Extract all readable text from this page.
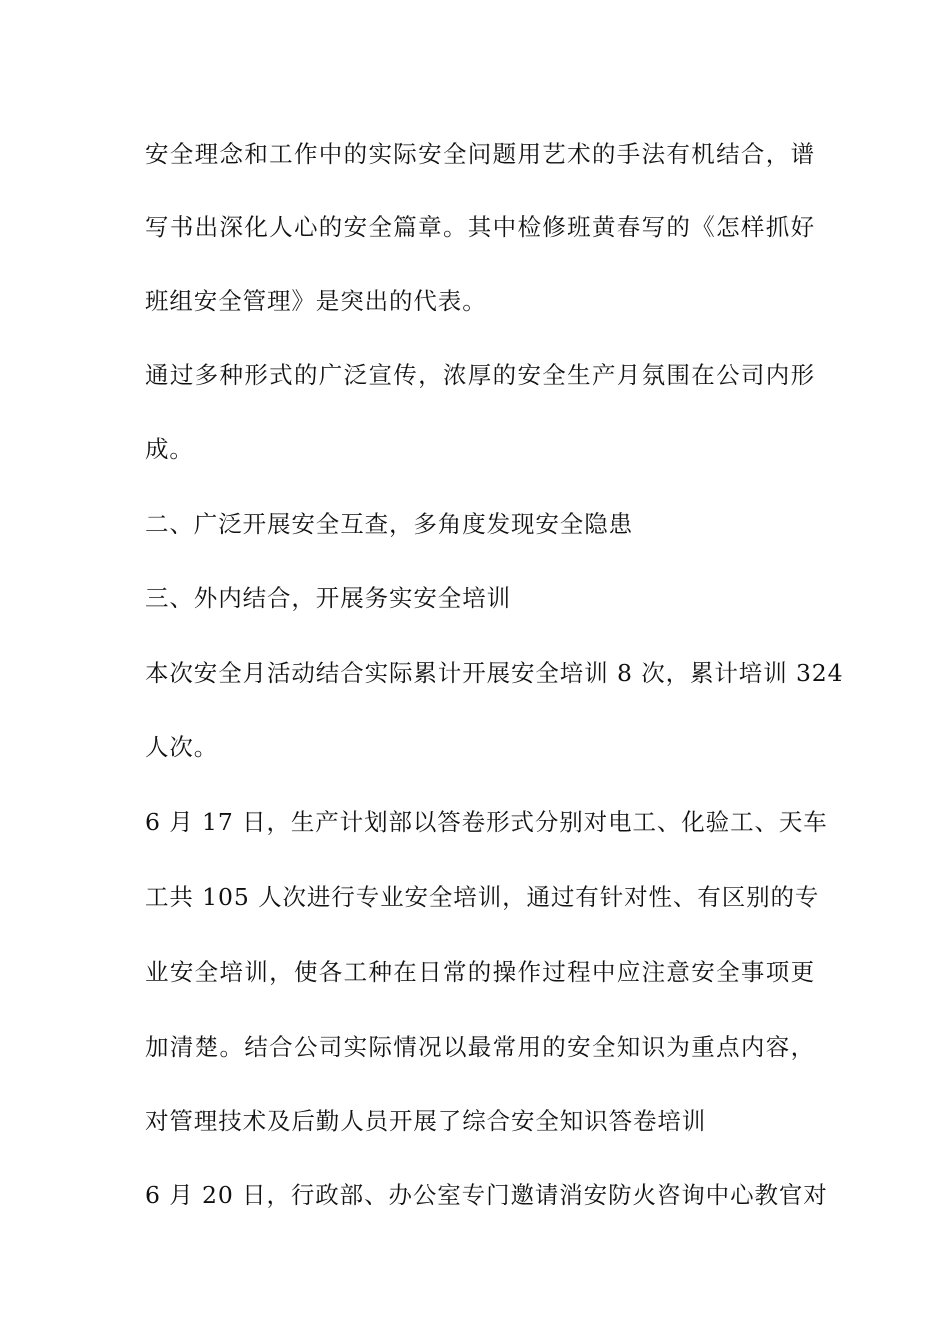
安全理念和工作中的实际安全问题用艺术的手法有机结合，谱

写书出深化人心的安全篇章。其中检修班黄春写的《怎样抓好

班组安全管理》是突出的代表。

通过多种形式的广泛宣传，浓厚的安全生产月氛围在公司内形

成。

二、广泛开展安全互查，多角度发现安全隐患

三、外内结合，开展务实安全培训

本次安全月活动结合实际累计开展安全培训 8 次，累计培训 324

人次。

6 月 17 日，生产计划部以答卷形式分别对电工、化验工、天车

工共 105 人次进行专业安全培训，通过有针对性、有区别的专

业安全培训，使各工种在日常的操作过程中应注意安全事项更

加清楚。结合公司实际情况以最常用的安全知识为重点内容，

对管理技术及后勤人员开展了综合安全知识答卷培训

6 月 20 日，行政部、办公室专门邀请消安防火咨询中心教官对
